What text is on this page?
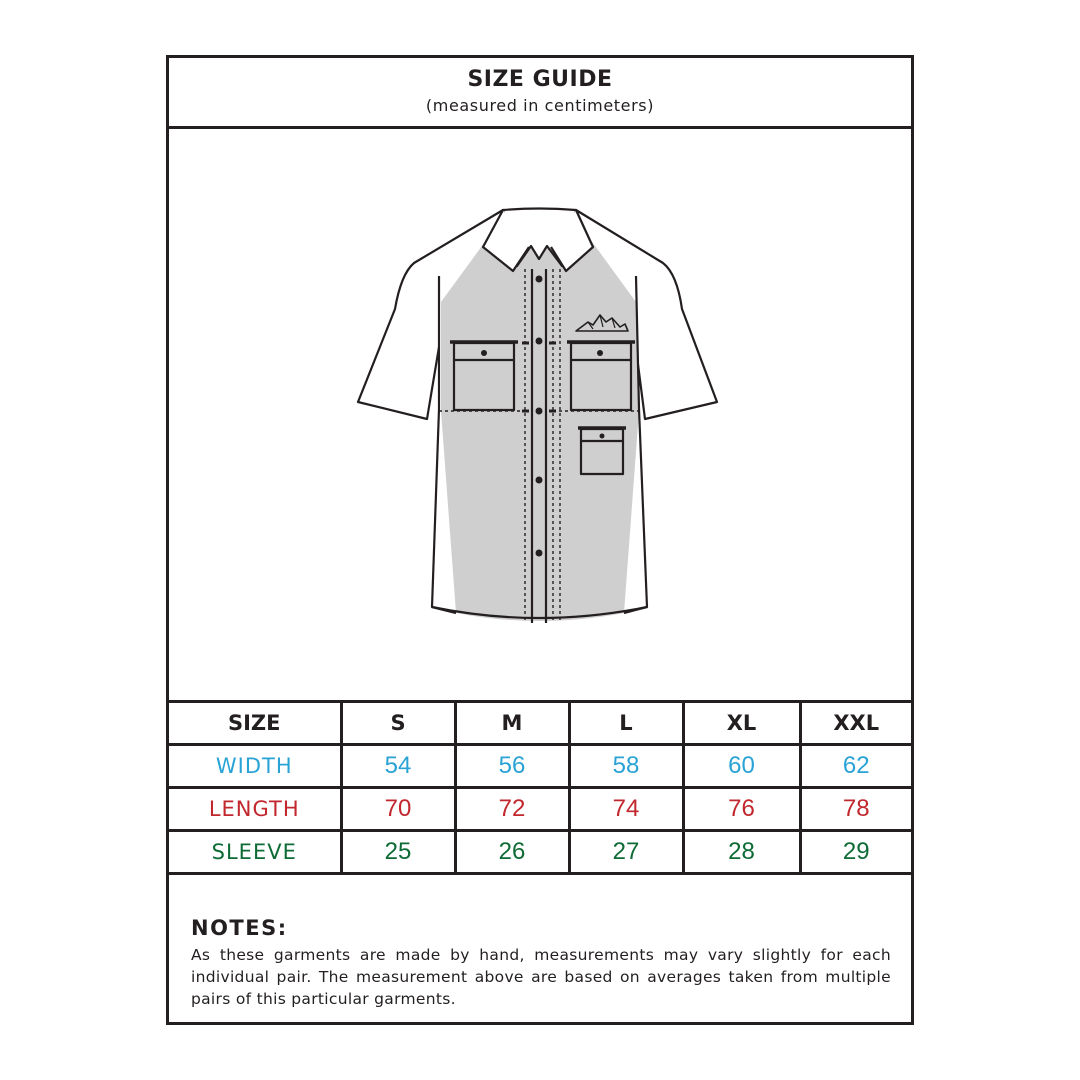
SIZE GUIDE
(measured in centimeters)
SIZE	S	M	L	XL	XXL
WIDTH	54	56	58	60	62
LENGTH	70	72	74	76	78
SLEEVE	25	26	27	28	29
NOTES:
As these garments are made by hand, measurements may vary slightly for each individual pair. The measurement above are based on averages taken from multiple pairs of this particular garments.
